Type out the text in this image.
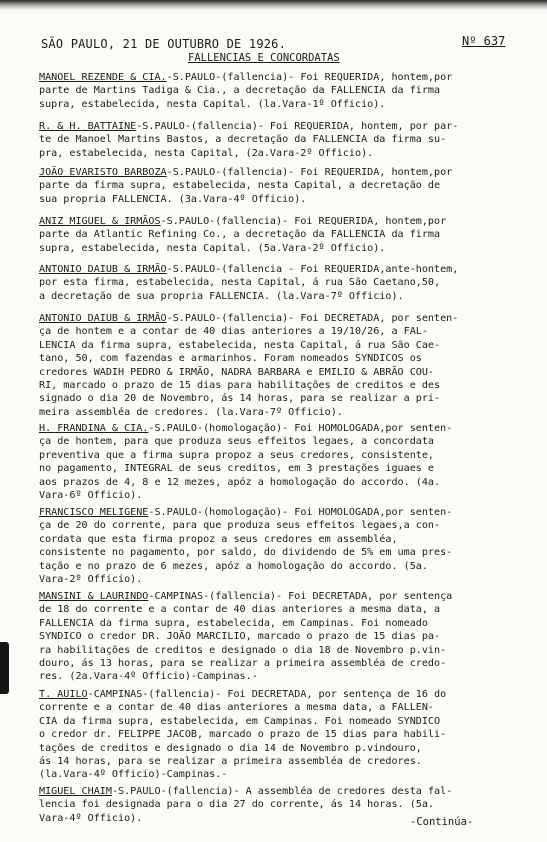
SÃO PAULO, 21 DE OUTUBRO DE 1926.	Nº 637
FALLENCIAS E CONCORDATAS
MANOEL REZENDE & CIA.-S.PAULO-(fallencia)- Foi REQUERIDA, hontem,por
parte de Martins Tadiga & Cia., a decretação da FALLENCIA da firma
supra, estabelecida, nesta Capital. (la.Vara-1º Officio).
R. & H. BATTAINE-S.PAULO-(fallencia)- Foi REQUERIDA, hontem, por par-
te de Manoel Martins Bastos, a decretação da FALLENCIA da firma su-
pra, estabelecida, nesta Capital, (2a.Vara-2º Officio).
JOÃO EVARISTO BARBOZA-S.PAULO-(fallencia)- Foi REQUERIDA, hontem,por
parte da firma supra, estabelecida, nesta Capital, a decretação de
sua propria FALLENCIA. (3a.Vara-4º Officio).
ANIZ MIGUEL & IRMÃOS-S.PAULO-(fallencia)- Foi REQUERIDA, hontem,por
parte da Atlantic Refining Co., a decretação da FALLENCIA da firma
supra, estabelecida, nesta Capital. (5a.Vara-2º Officio).
ANTONIO DAIUB & IRMÃO-S.PAULO-(fallencia - Foi REQUERIDA,ante-hontem,
por esta firma, estabelecida, nesta Capital, á rua São Caetano,50,
a decretação de sua propria FALLENCIA. (la.Vara-7º Officio).
ANTONIO DAIUB & IRMÃO-S.PAULO-(fallencia)- Foi DECRETADA, por senten-
ça de hontem e a contar de 40 dias anteriores a 19/10/26, a FAL-
LENCIA da firma supra, estabelecida, nesta Capital, á rua São Cae-
tano, 50, com fazendas e armarinhos. Foram nomeados SYNDICOS os
credores WADIH PEDRO & IRMÃO, NADRA BARBARA e EMILIO & ABRÃO COU-
RI, marcado o prazo de 15 dias para habilitações de creditos e des
signado o dia 20 de Novembro, ás 14 horas, para se realizar a pri-
meira assembléa de credores. (la.Vara-7º Officio).
H. FRANDINA & CIA.-S.PAULO-(homologação)- Foi HOMOLOGADA,por senten-
ça de hontem, para que produza seus effeitos legaes, a concordata
preventiva que a firma supra propoz a seus credores, consistente,
no pagamento, INTEGRAL de seus creditos, em 3 prestações iguaes e
aos prazos de 4, 8 e 12 mezes, apóz a homologação do accordo. (4a.
Vara-6º Officio).
FRANCISCO MELIGENE-S.PAULO-(homologação)- Foi HOMOLOGADA,por senten-
ça de 20 do corrente, para que produza seus effeitos legaes,a con-
cordata que esta firma propoz a seus credores em assembléa,
consistente no pagamento, por saldo, do dividendo de 5% em uma pres-
tação e no prazo de 6 mezes, apóz a homologação do accordo. (5a.
Vara-2º Officio).
MANSINI & LAURINDO-CAMPINAS-(fallencia)- Foi DECRETADA, por sentença
de 18 do corrente e a contar de 40 dias anteriores a mesma data, a
FALLENCIA da firma supra, estabelecida, em Campinas. Foi nomeado
SYNDICO o credor DR. JOÃO MARCILIO, marcado o prazo de 15 dias pa-
ra habilitações de creditos e designado o dia 18 de Novembro p.vin-
douro, ás 13 horas, para se realizar a primeira assembléa de credo-
res. (2a.Vara-4º Officio)-Campinas.-
T. AUILO-CAMPINAS-(fallencia)- Foi DECRETADA, por sentença de 16 do
corrente e a contar de 40 dias anteriores a mesma data, a FALLEN-
CIA da firma supra, estabelecida, em Campinas. Foi nomeado SYNDICO
o credor dr. FELIPPE JACOB, marcado o prazo de 15 dias para habili-
tações de creditos e designado o dia 14 de Novembro p.vindouro,
ás 14 horas, para se realizar a primeira assembléa de credores.
(la.Vara-4º Officio)-Campinas.-
MIGUEL CHAIM-S.PAULO-(fallencia)- A assembléa de credores desta fal-
lencia foi designada para o dia 27 do corrente, ás 14 horas. (5a.
Vara-4º Officio).	-Continúa-
